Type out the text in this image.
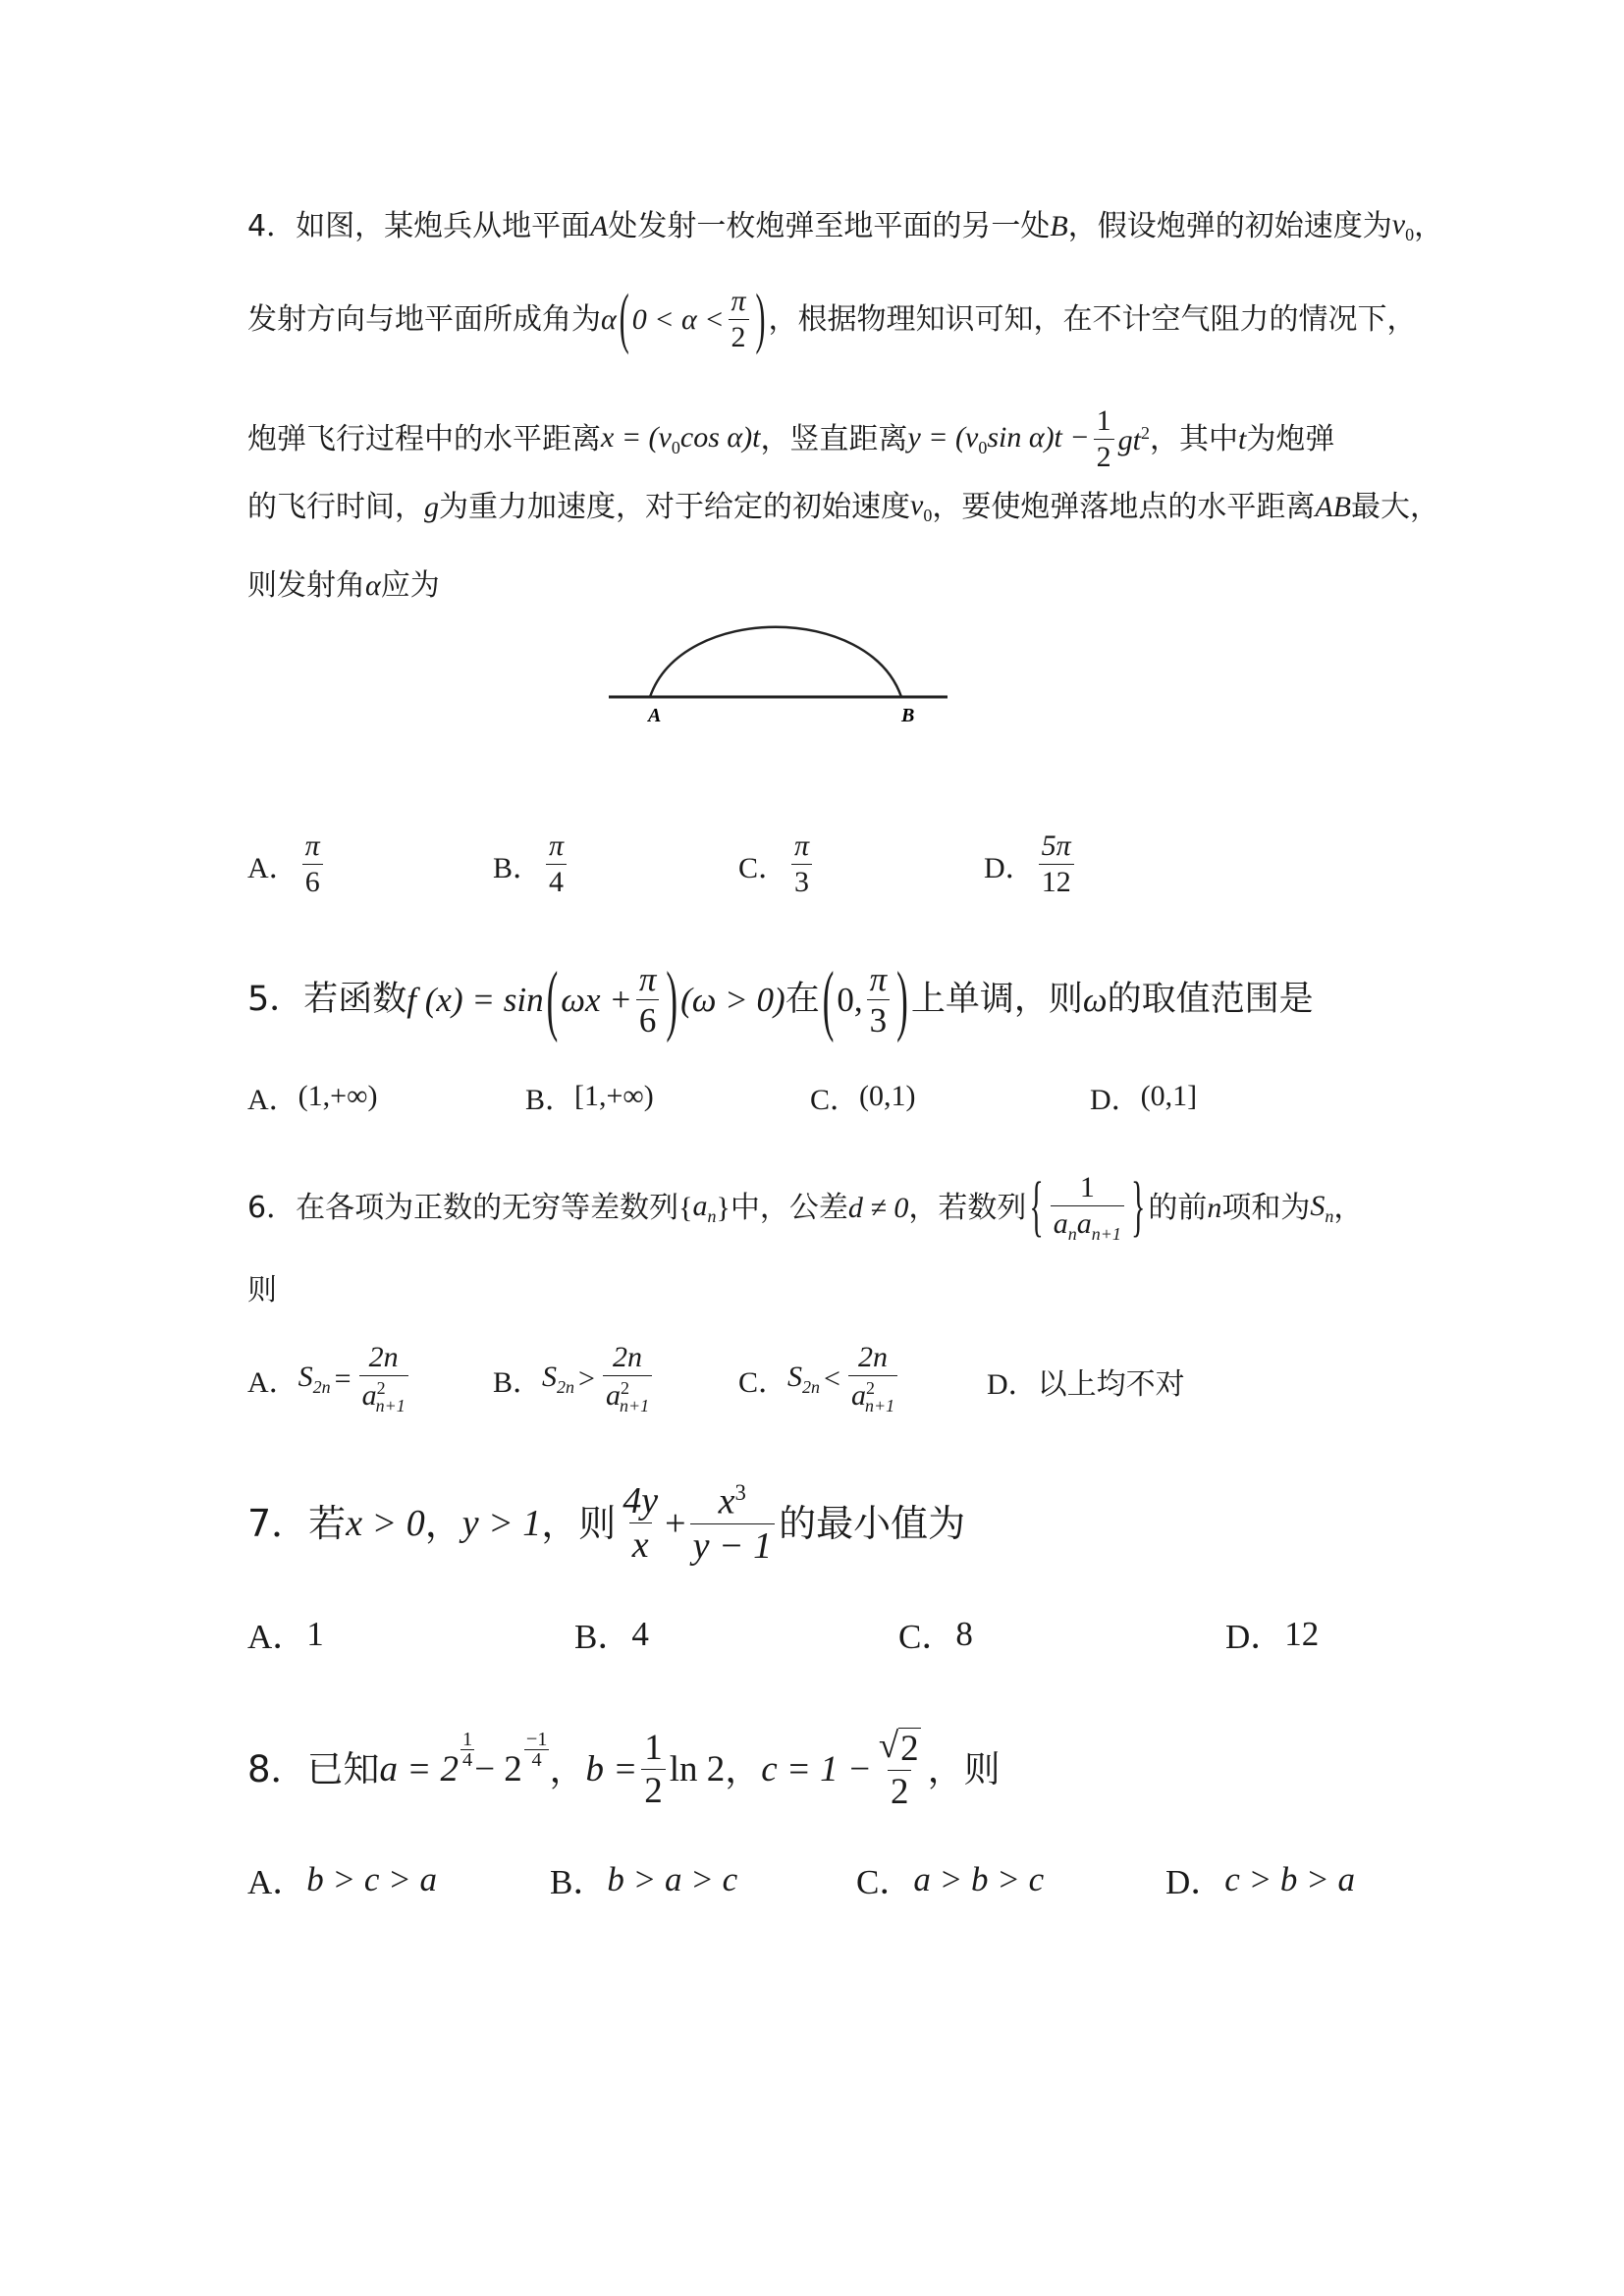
4．如图，某炮兵从地平面 A 处发射一枚炮弹至地平面的另一处 B ，假设炮弹的初始速度为 $v_0$ ，
发射方向与地平面所成角为 α ( $0 < \alpha < \frac{\pi}{2}$ ) ，根据物理知识可知，在不计空气阻力的情况下，
炮弹飞行过程中的水平距离 $x = (v_0\cos$ α)t ，竖直距离 $y = (v_0\sin$ $\alpha)t - \frac{1}{2} gt^2$ ，其中 t 为炮弹
的飞行时间， g 为重力加速度，对于给定的初始速度 $v_0$ ，要使炮弹落地点的水平距离 AB 最大，
则发射角 α 应为
A	B
A． $\frac{\pi}{6}$	B． $\frac{\pi}{4}$	C． $\frac{\pi}{3}$	D． $\frac{5\pi}{12}$
5．若函数 f (x) = sin ( $\omega x + \frac{\pi}{6}$ ) (ω > 0) 在 ( 0, $\frac{\pi}{3}$ ) 上单调，则 ω 的取值范围是
A． (1,+∞)	B． [1,+∞)	C． (0,1)	D． (0,1]
6．在各项为正数的无穷等差数列 { $a_n$ } 中，公差 d ≠ 0 ，若数列 { $\frac{1}{a_na_{n+1}}$ } 的前 n 项和为 $S_n$ ，
则
A． $S_{2n} = \frac{2n}{a^2_{n+1}}$	B． $S_{2n} > \frac{2n}{a^2_{n+1}}$	C． $S_{2n} < \frac{2n}{a^2_{n+1}}$	D． 以上均不对
7．若 x > 0 ， y > 1 ，则 $\frac{4y}{x} + \frac{x^3}{y - 1}$ 的最小值为
A． 1	B． 4	C． 8	D． 12
8．已知 $a = 2 \frac{1}{4} - 2 \frac{-1}{4}$ ， $b = \frac{1}{2}$ ln 2 ， $c = 1 - \frac{√ 2}{2}$ ，则
A． b > c > a	B． b > a > c	C． a > b > c	D． c > b > a
